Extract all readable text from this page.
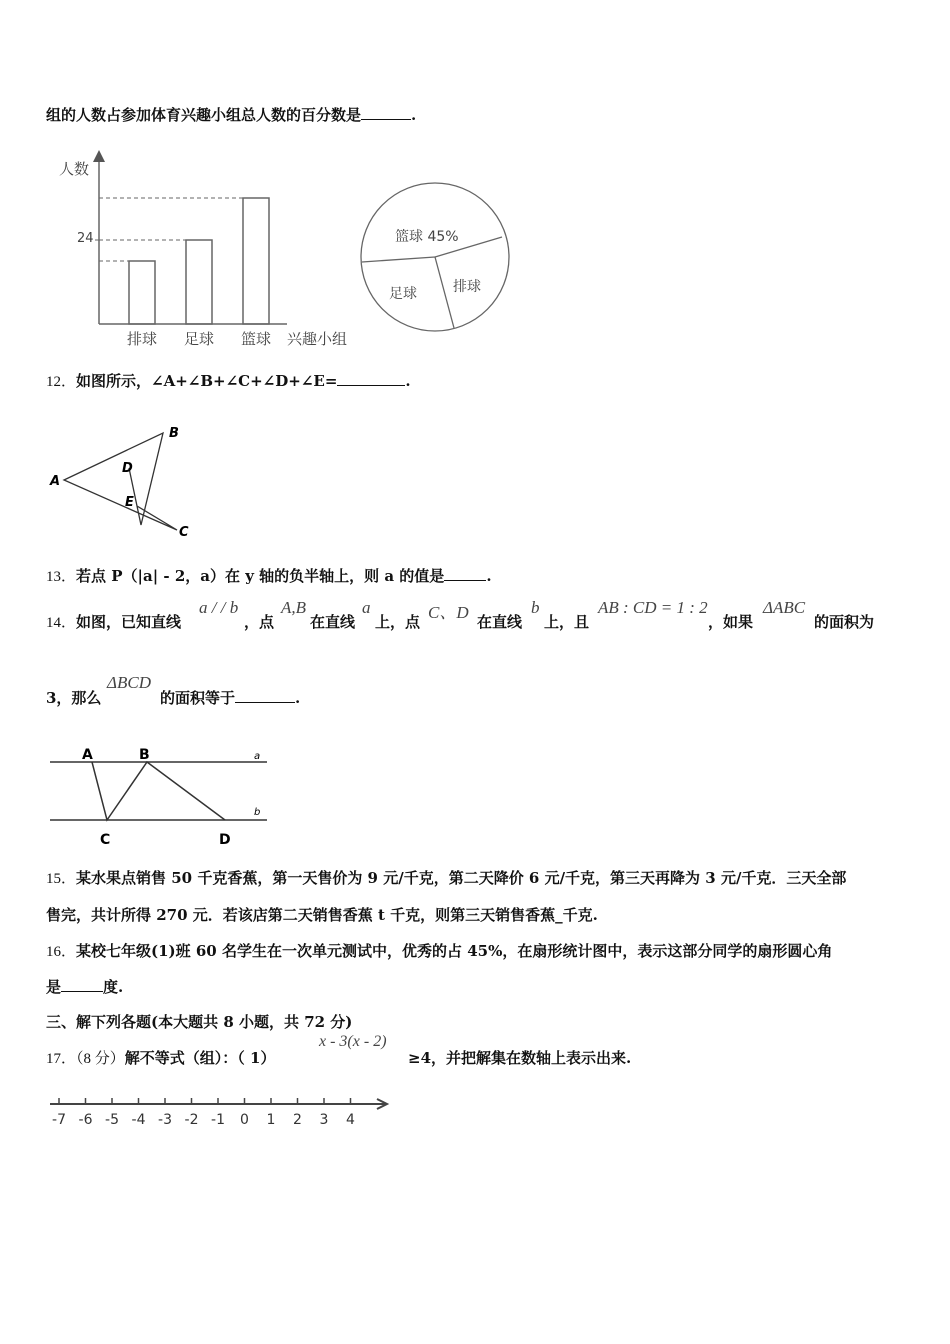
组的人数占参加体育兴趣小组总人数的百分数是	.
人数
兴趣小组
24
排球 足球 篮球
篮球 45%
足球	排球
12．如图所示，∠A+∠B+∠C+∠D+∠E=	.
A
B
C
D
E
13．若点 P（|a| - 2，a）在 y 轴的负半轴上，则 a 的值是	.
14．如图，已知直线
a / / b
，点
A,B
在直线
a
上，点 C、D 在直线
b
上，且
AB : CD = 1 : 2
，如果
ΔABC
的面积为
3，那么
ΔBCD
的面积等于	.
A	B
C	D
a
b
15．某水果点销售 50 千克香蕉，第一天售价为 9 元/千克，第二天降价 6 元/千克，第三天再降为 3 元/千克．三天全部
售完，共计所得 270 元．若该店第二天销售香蕉 t 千克，则第三天销售香蕉_千克.
16．某校七年级(1)班 60 名学生在一次单元测试中，优秀的占 45%，在扇形统计图中，表示这部分同学的扇形圆心角
是	度.
三、解下列各题(本大题共 8 小题，共 72 分)
17．（8 分）解不等式（组）：（ 1）
x - 3(x - 2)
≥4，并把解集在数轴上表示出来.
-7 -6 -5 -4 -3 -2 -1 0 1 2 3 4
